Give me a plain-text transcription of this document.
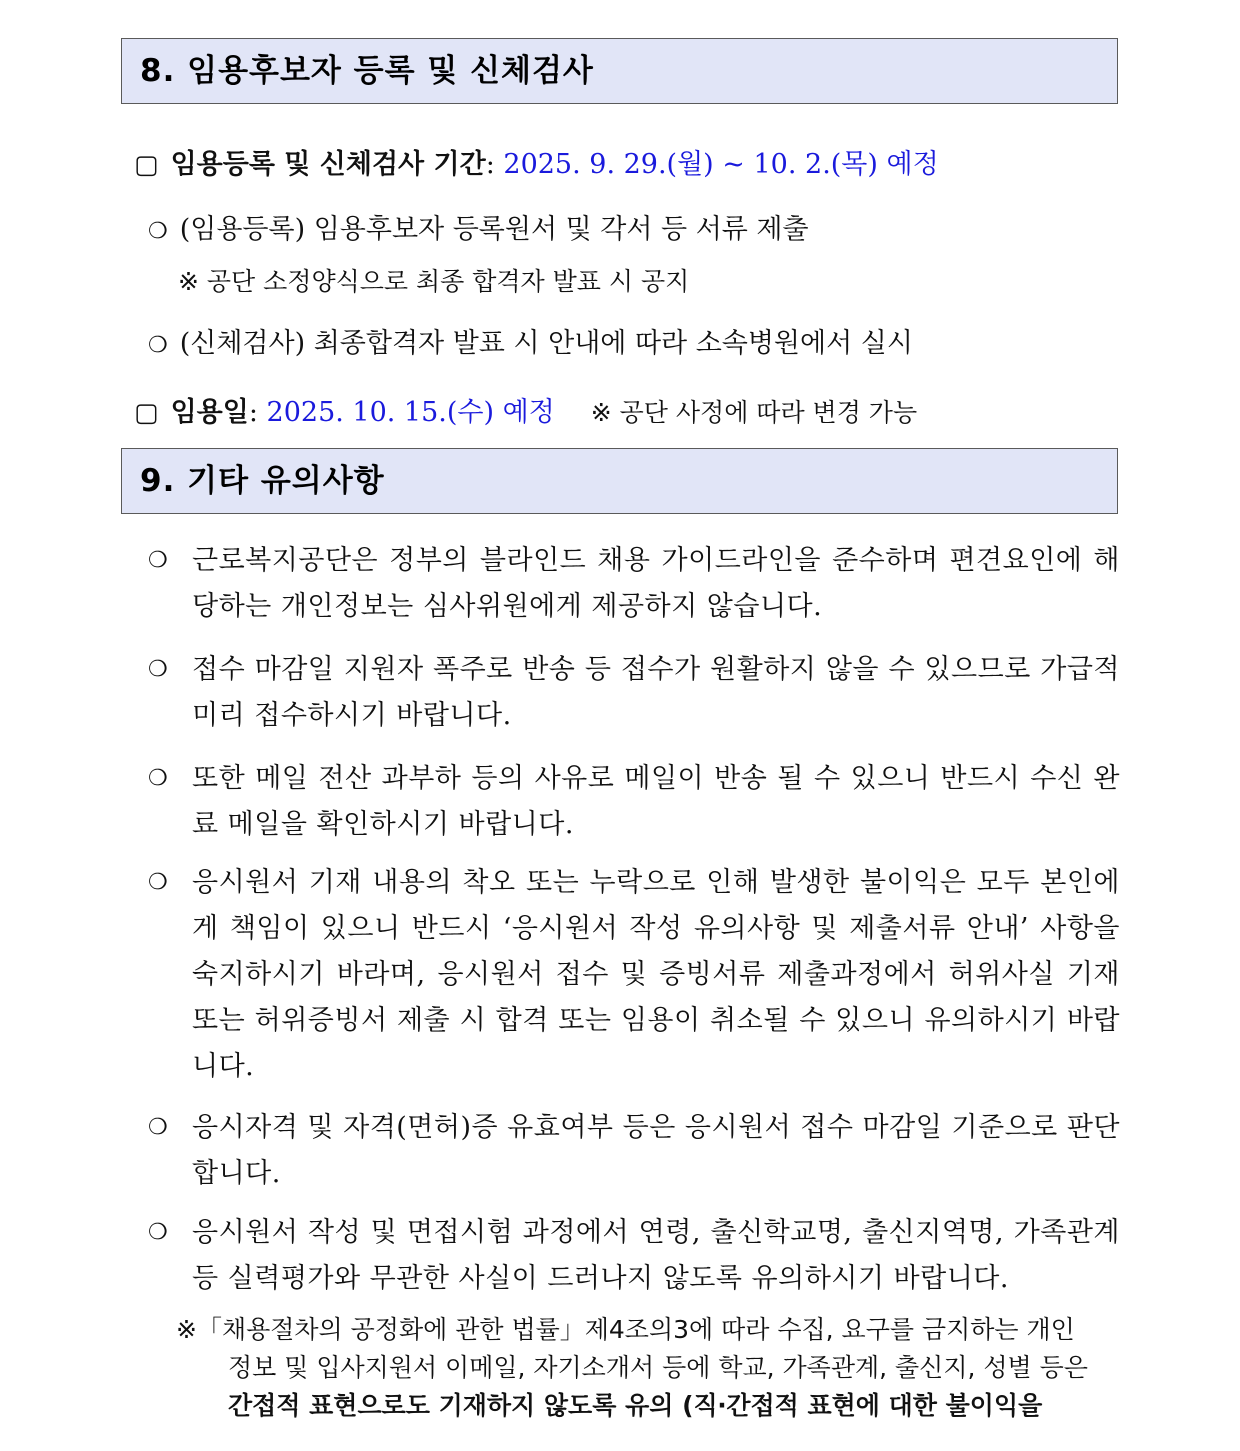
8. 임용후보자 등록 및 신체검사
▢ 임용등록 및 신체검사 기간: 2025. 9. 29.(월) ~ 10. 2.(목) 예정
❍ (임용등록) 임용후보자 등록원서 및 각서 등 서류 제출
※ 공단 소정양식으로 최종 합격자 발표 시 공지
❍ (신체검사) 최종합격자 발표 시 안내에 따라 소속병원에서 실시
▢ 임용일: 2025. 10. 15.(수) 예정 ※ 공단 사정에 따라 변경 가능
9. 기타 유의사항
❍ 근로복지공단은 정부의 블라인드 채용 가이드라인을 준수하며 편견요인에 해당하는 개인정보는 심사위원에게 제공하지 않습니다.
❍ 접수 마감일 지원자 폭주로 반송 등 접수가 원활하지 않을 수 있으므로 가급적 미리 접수하시기 바랍니다.
❍ 또한 메일 전산 과부하 등의 사유로 메일이 반송 될 수 있으니 반드시 수신 완료 메일을 확인하시기 바랍니다.
❍ 응시원서 기재 내용의 착오 또는 누락으로 인해 발생한 불이익은 모두 본인에게 책임이 있으니 반드시 ‘응시원서 작성 유의사항 및 제출서류 안내’ 사항을 숙지하시기 바라며, 응시원서 접수 및 증빙서류 제출과정에서 허위사실 기재 또는 허위증빙서 제출 시 합격 또는 임용이 취소될 수 있으니 유의하시기 바랍니다.
❍ 응시자격 및 자격(면허)증 유효여부 등은 응시원서 접수 마감일 기준으로 판단합니다.
❍ 응시원서 작성 및 면접시험 과정에서 연령, 출신학교명, 출신지역명, 가족관계 등 실력평가와 무관한 사실이 드러나지 않도록 유의하시기 바랍니다.
※「채용절차의 공정화에 관한 법률」제4조의3에 따라 수집, 요구를 금지하는 개인
정보 및 입사지원서 이메일, 자기소개서 등에 학교, 가족관계, 출신지, 성별 등은
간접적 표현으로도 기재하지 않도록 유의 (직‧간접적 표현에 대한 불이익을
